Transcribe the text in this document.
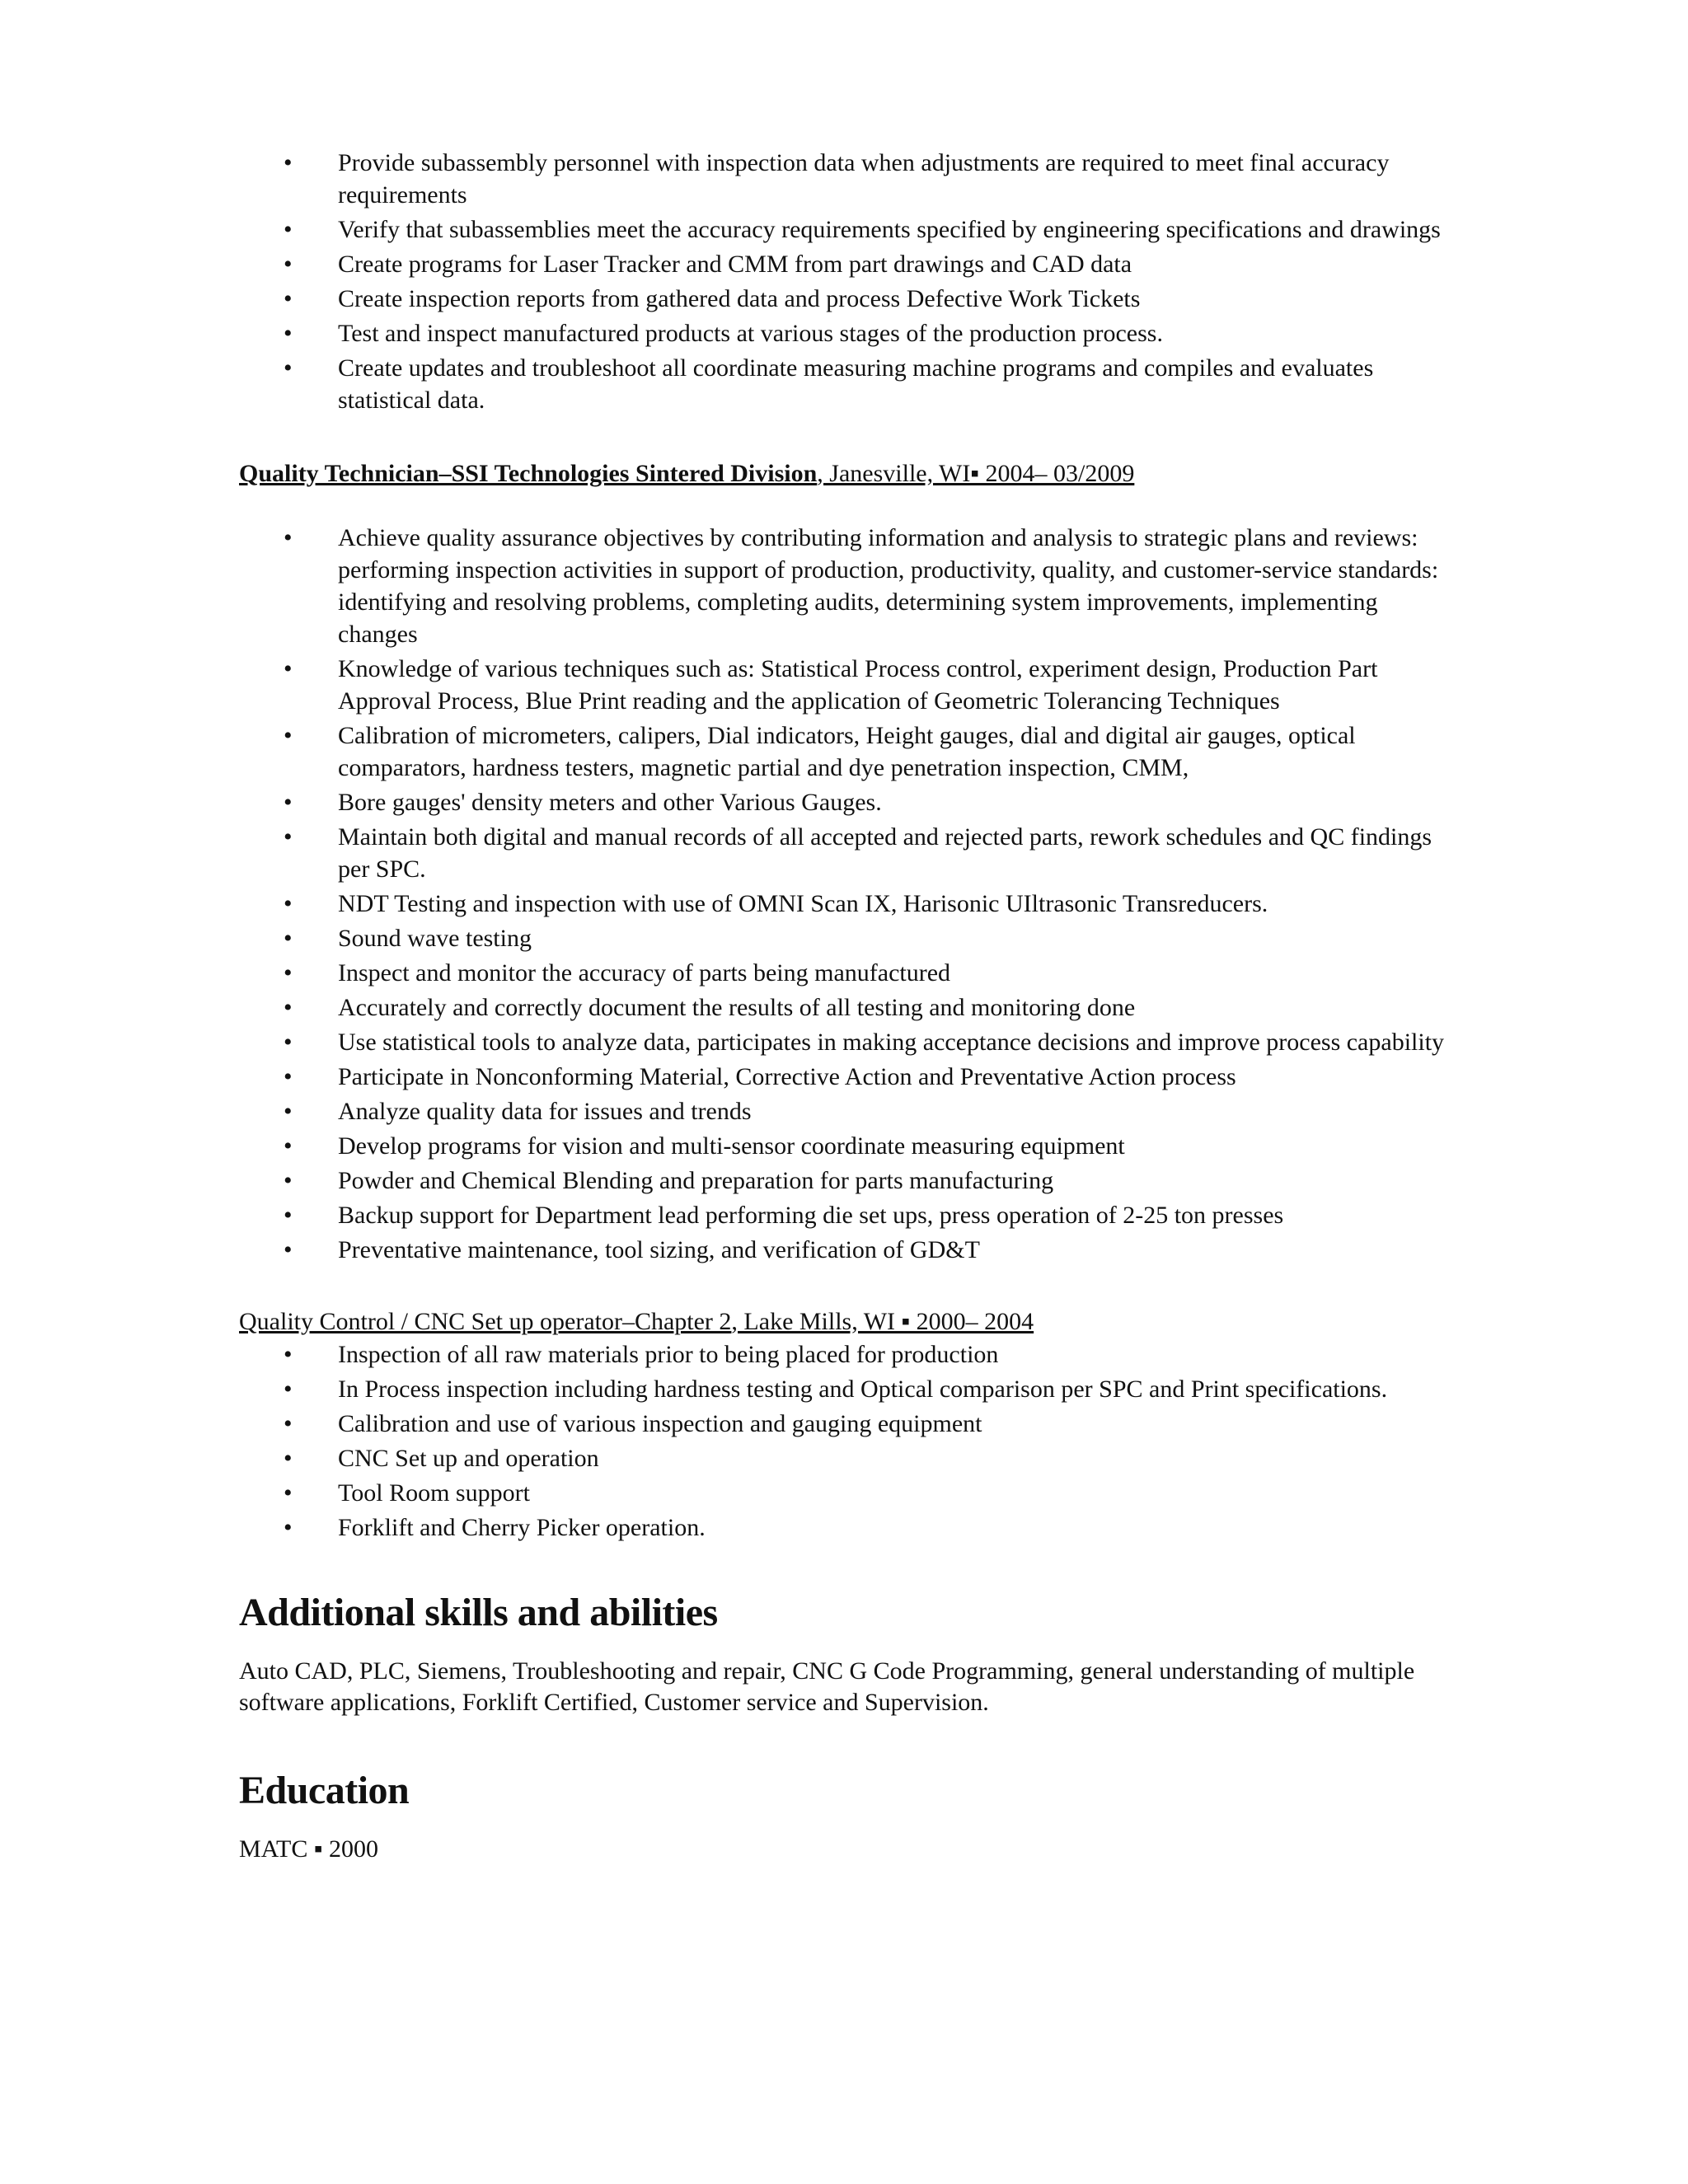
• Provide subassembly personnel with inspection data when adjustments are required to meet final accuracy requirements
• Verify that subassemblies meet the accuracy requirements specified by engineering specifications and drawings
• Create programs for Laser Tracker and CMM from part drawings and CAD data
• Create inspection reports from gathered data and process Defective Work Tickets
• Test and inspect manufactured products at various stages of the production process.
• Create updates and troubleshoot all coordinate measuring machine programs and compiles and evaluates statistical data.

Quality Technician–SSI Technologies Sintered Division, Janesville, WI▪ 2004– 03/2009

• Achieve quality assurance objectives by contributing information and analysis to strategic plans and reviews: performing inspection activities in support of production, productivity, quality, and customer-service standards: identifying and resolving problems, completing audits, determining system improvements, implementing changes
• Knowledge of various techniques such as: Statistical Process control, experiment design, Production Part Approval Process, Blue Print reading and the application of Geometric Tolerancing Techniques
• Calibration of micrometers, calipers, Dial indicators, Height gauges, dial and digital air gauges, optical comparators, hardness testers, magnetic partial and dye penetration inspection, CMM,
• Bore gauges' density meters and other Various Gauges.
• Maintain both digital and manual records of all accepted and rejected parts, rework schedules and QC findings per SPC.
• NDT Testing and inspection with use of OMNI Scan IX, Harisonic UIltrasonic Transreducers.
• Sound wave testing
• Inspect and monitor the accuracy of parts being manufactured
• Accurately and correctly document the results of all testing and monitoring done
• Use statistical tools to analyze data, participates in making acceptance decisions and improve process capability
• Participate in Nonconforming Material, Corrective Action and Preventative Action process
• Analyze quality data for issues and trends
• Develop programs for vision and multi-sensor coordinate measuring equipment
• Powder and Chemical Blending and preparation for parts manufacturing
• Backup support for Department lead performing die set ups, press operation of 2-25 ton presses
• Preventative maintenance, tool sizing, and verification of GD&T

Quality Control / CNC Set up operator–Chapter 2, Lake Mills, WI ▪ 2000– 2004

• Inspection of all raw materials prior to being placed for production
• In Process inspection including hardness testing and Optical comparison per SPC and Print specifications.
• Calibration and use of various inspection and gauging equipment
• CNC Set up and operation
• Tool Room support
• Forklift and Cherry Picker operation.
Additional skills and abilities

Auto CAD, PLC, Siemens, Troubleshooting and repair, CNC G Code Programming, general understanding of multiple software applications, Forklift Certified, Customer service and Supervision.

Education

MATC ▪ 2000
